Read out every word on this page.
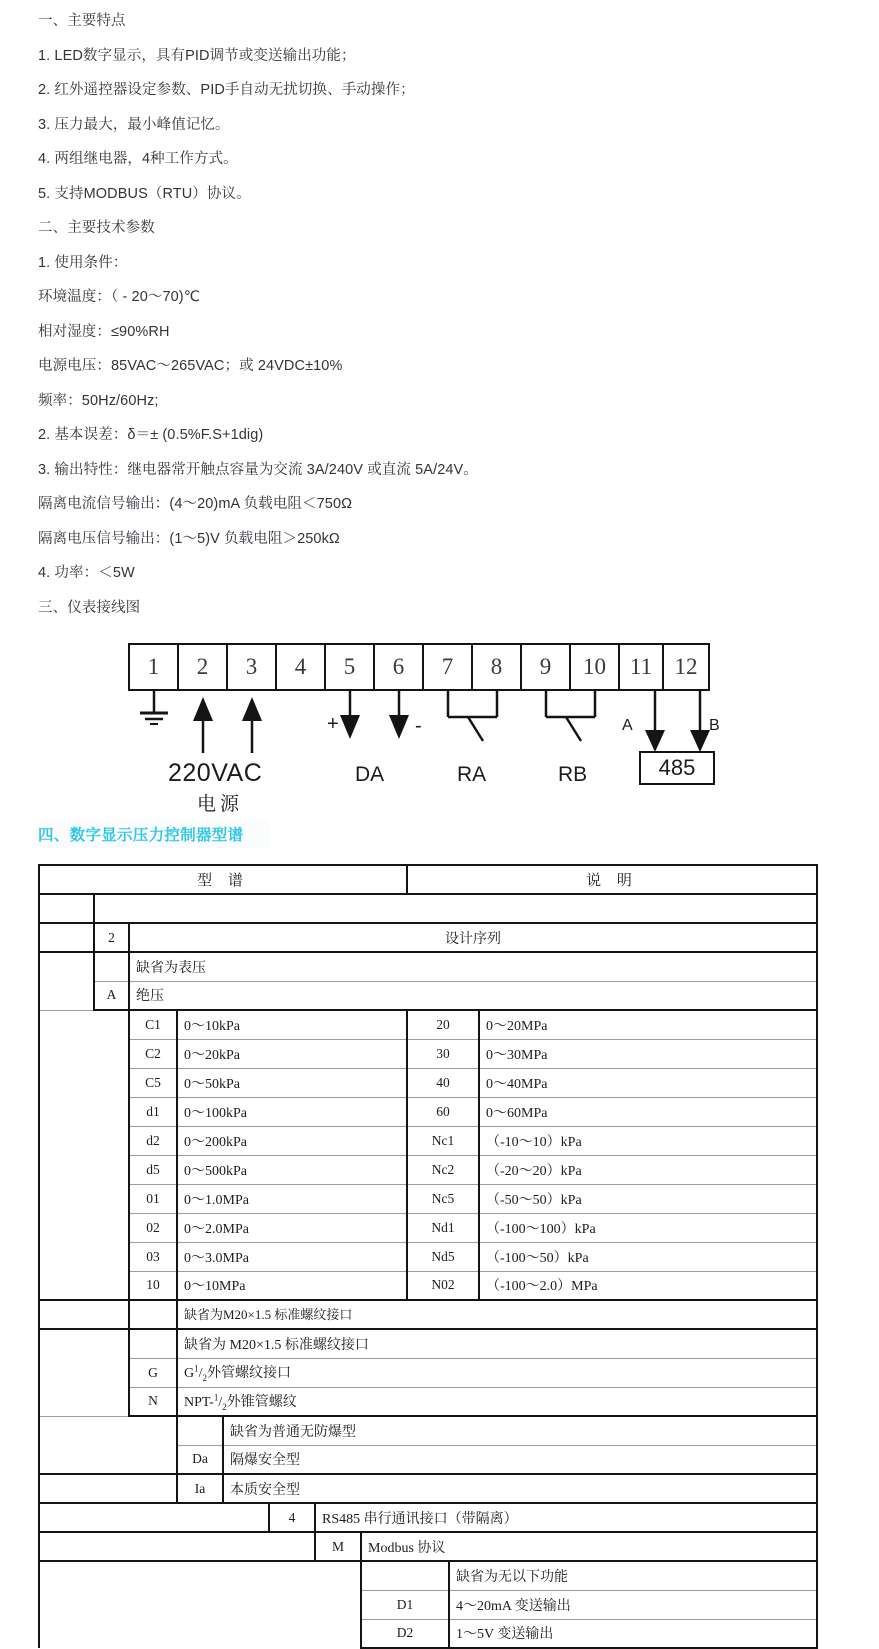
一、主要特点
1. LED数字显示，具有PID调节或变送输出功能；
2. 红外遥控器设定参数、PID手自动无扰切换、手动操作；
3. 压力最大，最小峰值记忆。
4. 两组继电器，4种工作方式。
5. 支持MODBUS（RTU）协议。
二、主要技术参数
1. 使用条件：
环境温度：（ - 20～70)℃
相对湿度：≤90%RH
电源电压：85VAC～265VAC；或 24VDC±10%
频率：50Hz/60Hz;
2. 基本误差：δ＝± (0.5%F.S+1dig)
3. 输出特性：继电器常开触点容量为交流 3A/240V 或直流 5A/24V。
隔离电流信号输出：(4～20)mA 负载电阻＜750Ω
隔离电压信号输出：(1～5)V 负载电阻＞250kΩ
4. 功率：＜5W
三、仪表接线图
1	2	3	4	5	6	7	8	9	10	11 12
+	-
220VAC
电源
DA	RA	RB
A	B
485
四、数字显示压力控制器型谱
型 谱								说 明		

	2	设计序列								
		缺省为表压								
	A	绝压								
		C1	0～10kPa					20		0～20MPa
		C2	0～20kPa					30		0～30MPa
		C5	0～50kPa					40		0～40MPa
		d1	0～100kPa					60		0～60MPa
		d2	0～200kPa					Nc1		（-10～10）kPa
		d5	0～500kPa					Nc2		（-20～20）kPa
		01	0～1.0MPa					Nc5		（-50～50）kPa
		02	0～2.0MPa					Nd1		（-100～100）kPa
		03	0～3.0MPa					Nd5		（-100～50）kPa
		10	0～10MPa					N02		（-100～2.0）MPa
			缺省为M20×1.5 标准螺纹接口							
			缺省为 M20×1.5 标准螺纹接口							
		G	$G^1/_2$外管螺纹接口							
		N	NPT-$^1/_2$外锥管螺纹							
				缺省为普通无防爆型						
			Da	隔爆安全型						
			Ia	本质安全型						
					4	RS485 串行通讯接口（带隔离）				
						M	Modbus 协议			
									缺省为无以下功能	
							D1		4～20mA 变送输出	
							D2		1～5V 变送输出	
